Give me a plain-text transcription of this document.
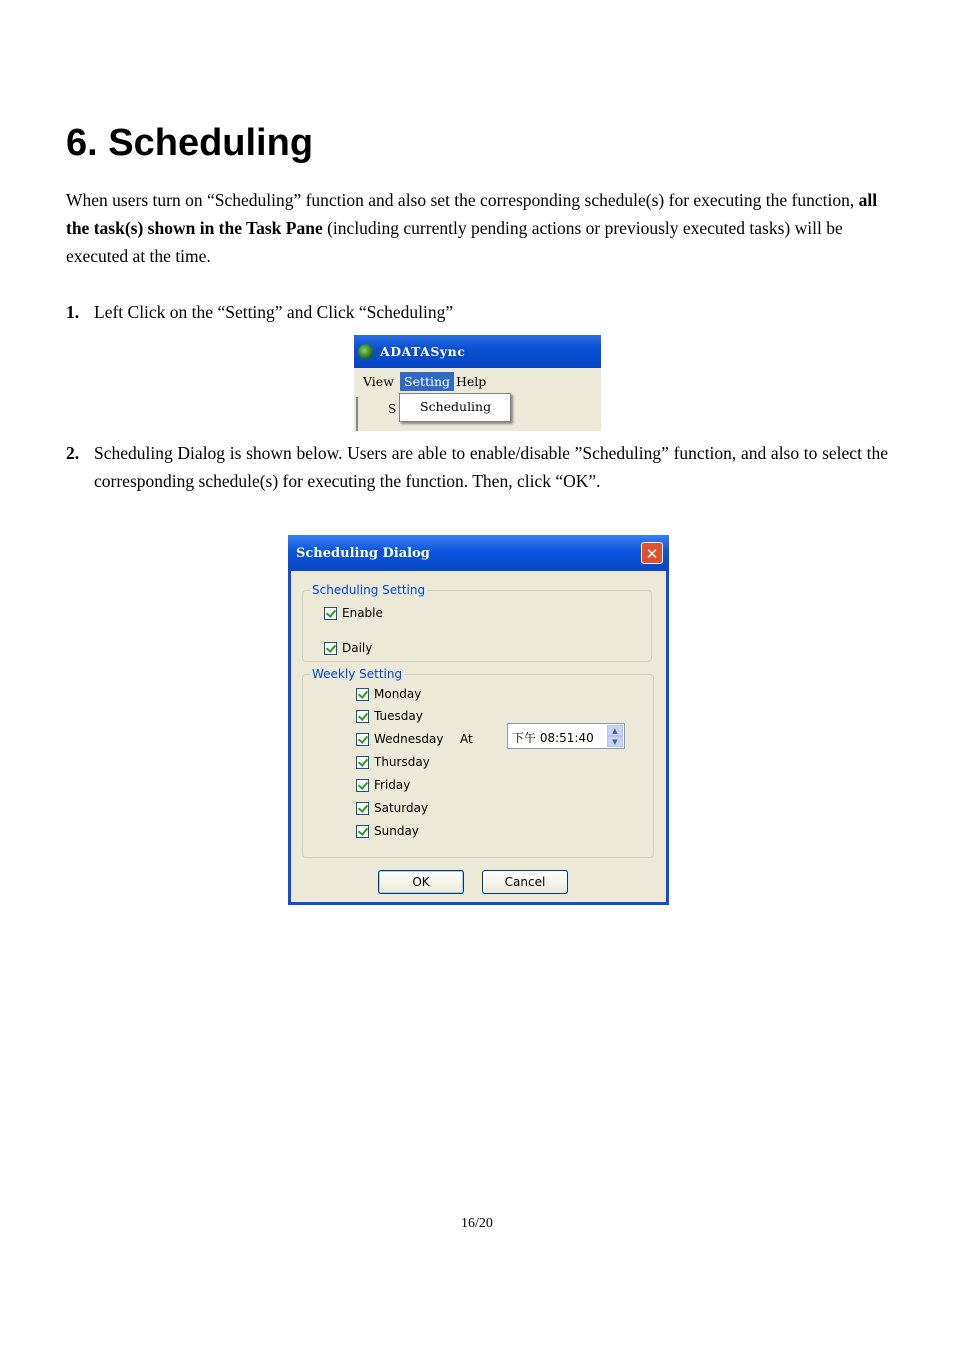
6. Scheduling

When users turn on “Scheduling” function and also set the corresponding schedule(s) for executing the function, all the task(s) shown in the Task Pane (including currently pending actions or previously executed tasks) will be executed at the time.

1. Left Click on the “Setting” and Click “Scheduling”
ADATASync
View Setting Help
S Scheduling
2. Scheduling Dialog is shown below. Users are able to enable/disable ”Scheduling” function, and also to select the corresponding schedule(s) for executing the function. Then, click “OK”.
Scheduling Dialog	✕
Scheduling Setting
Enable
Daily
Weekly Setting
Monday
Tuesday
Wednesday
Thursday
Friday
Saturday
Sunday
At	下午 08:51:40	▲
▼
OK	Cancel
16/20
